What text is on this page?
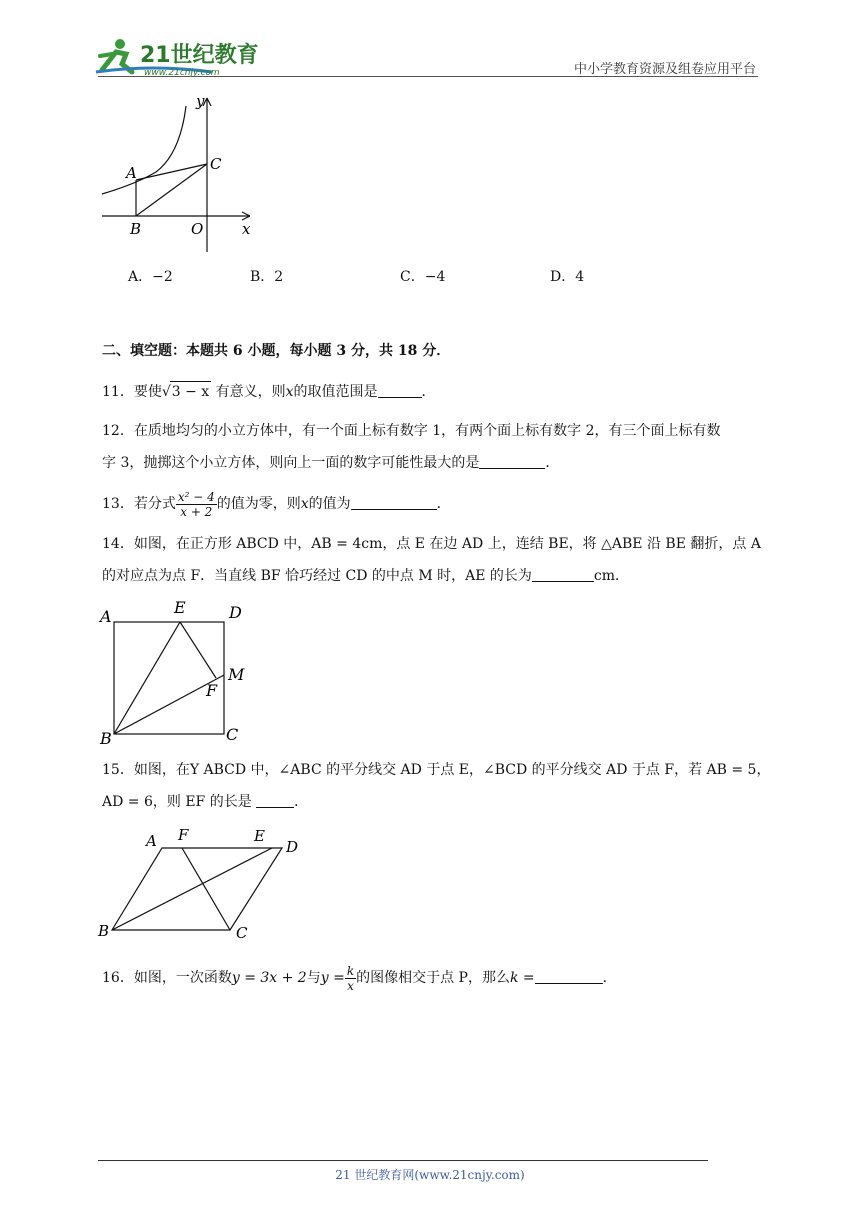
21世纪教育
www.21cnjy.com	中小学教育资源及组卷应用平台
y
x
A
B
C
O
A．−2	B．2	C．−4	D．4
二、填空题：本题共 6 小题，每小题 3 分，共 18 分．
11．要使√3 − x 有意义，则x的取值范围是	．
12．在质地均匀的小立方体中，有一个面上标有数字 1，有两个面上标有数字 2，有三个面上标有数
字 3，抛掷这个小立方体，则向上一面的数字可能性最大的是	．
13．若分式 $\frac{\text{x² − 4}}{x + 2}$ 的值为零，则x的值为	．
14．如图，在正方形 ABCD 中，AB = 4cm，点 E 在边 AD 上，连结 BE，将 △ABE 沿 BE 翻折，点 A
的对应点为点 F．当直线 BF 恰巧经过 CD 的中点 M 时，AE 的长为	cm．
A	E	D
M
F
B	C
15．如图，在Y ABCD 中，∠ABC 的平分线交 AD 于点 E，∠BCD 的平分线交 AD 于点 F，若 AB = 5，
AD = 6，则 EF 的长是	．
A F	E
D
B	C
16．如图，一次函数y = 3x + 2与$y = \frac{k}{x}$ 的图像相交于点 P，那么k =	．
21 世纪教育网(www.21cnjy.com)
